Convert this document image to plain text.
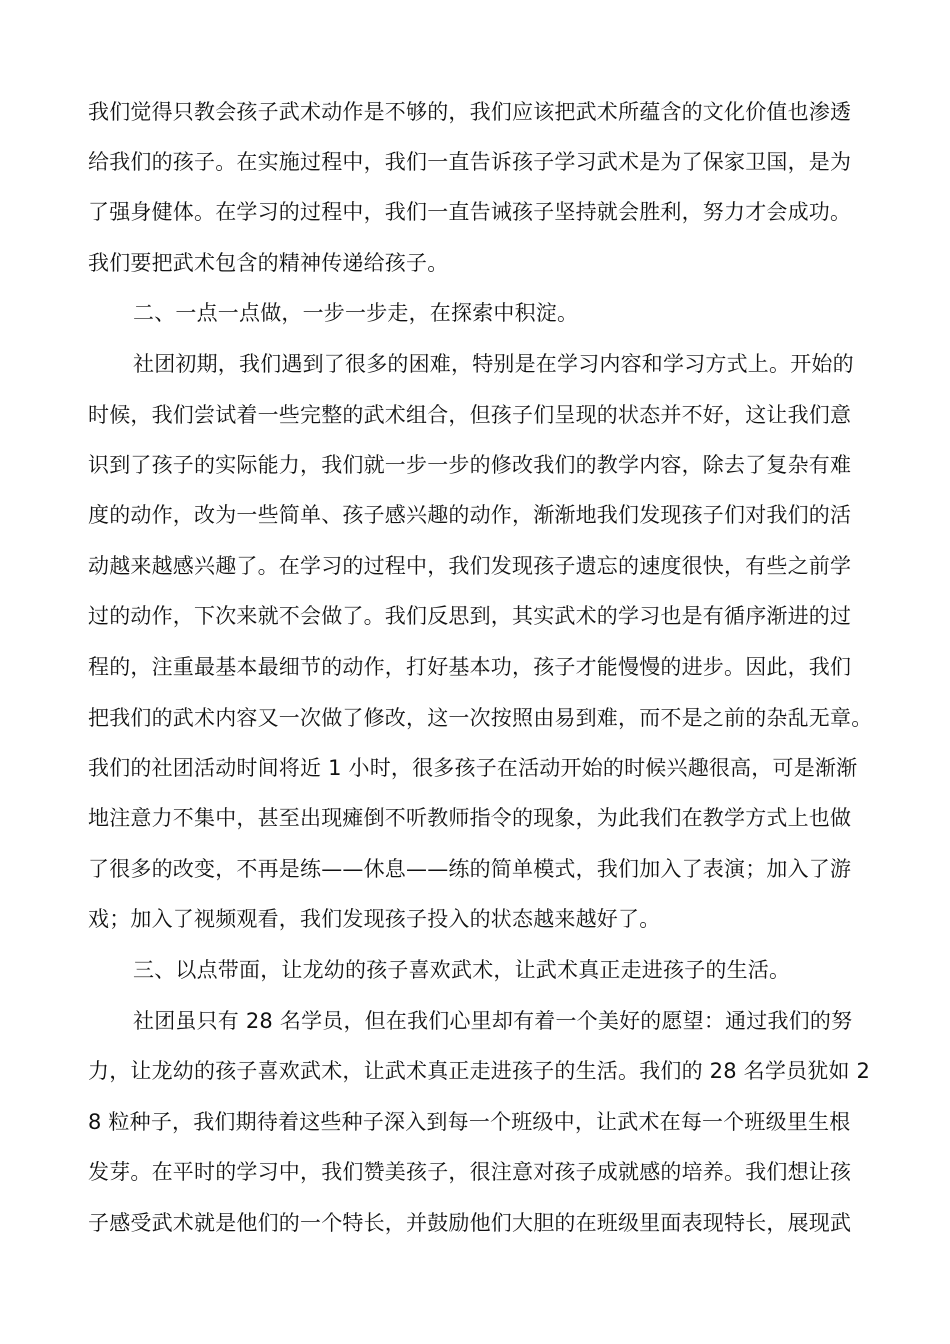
我们觉得只教会孩子武术动作是不够的，我们应该把武术所蕴含的文化价值也渗透
给我们的孩子。在实施过程中，我们一直告诉孩子学习武术是为了保家卫国，是为
了强身健体。在学习的过程中，我们一直告诫孩子坚持就会胜利，努力才会成功。
我们要把武术包含的精神传递给孩子。
二、一点一点做，一步一步走，在探索中积淀。
社团初期，我们遇到了很多的困难，特别是在学习内容和学习方式上。开始的
时候，我们尝试着一些完整的武术组合，但孩子们呈现的状态并不好，这让我们意
识到了孩子的实际能力，我们就一步一步的修改我们的教学内容，除去了复杂有难
度的动作，改为一些简单、孩子感兴趣的动作，渐渐地我们发现孩子们对我们的活
动越来越感兴趣了。在学习的过程中，我们发现孩子遗忘的速度很快，有些之前学
过的动作，下次来就不会做了。我们反思到，其实武术的学习也是有循序渐进的过
程的，注重最基本最细节的动作，打好基本功，孩子才能慢慢的进步。因此，我们
把我们的武术内容又一次做了修改，这一次按照由易到难，而不是之前的杂乱无章。
我们的社团活动时间将近 1 小时，很多孩子在活动开始的时候兴趣很高，可是渐渐
地注意力不集中，甚至出现瘫倒不听教师指令的现象，为此我们在教学方式上也做
了很多的改变，不再是练——休息——练的简单模式，我们加入了表演；加入了游
戏；加入了视频观看，我们发现孩子投入的状态越来越好了。
三、以点带面，让龙幼的孩子喜欢武术，让武术真正走进孩子的生活。
社团虽只有 28 名学员，但在我们心里却有着一个美好的愿望：通过我们的努
力，让龙幼的孩子喜欢武术，让武术真正走进孩子的生活。我们的 28 名学员犹如 2
8 粒种子，我们期待着这些种子深入到每一个班级中，让武术在每一个班级里生根
发芽。在平时的学习中，我们赞美孩子，很注意对孩子成就感的培养。我们想让孩
子感受武术就是他们的一个特长，并鼓励他们大胆的在班级里面表现特长，展现武
